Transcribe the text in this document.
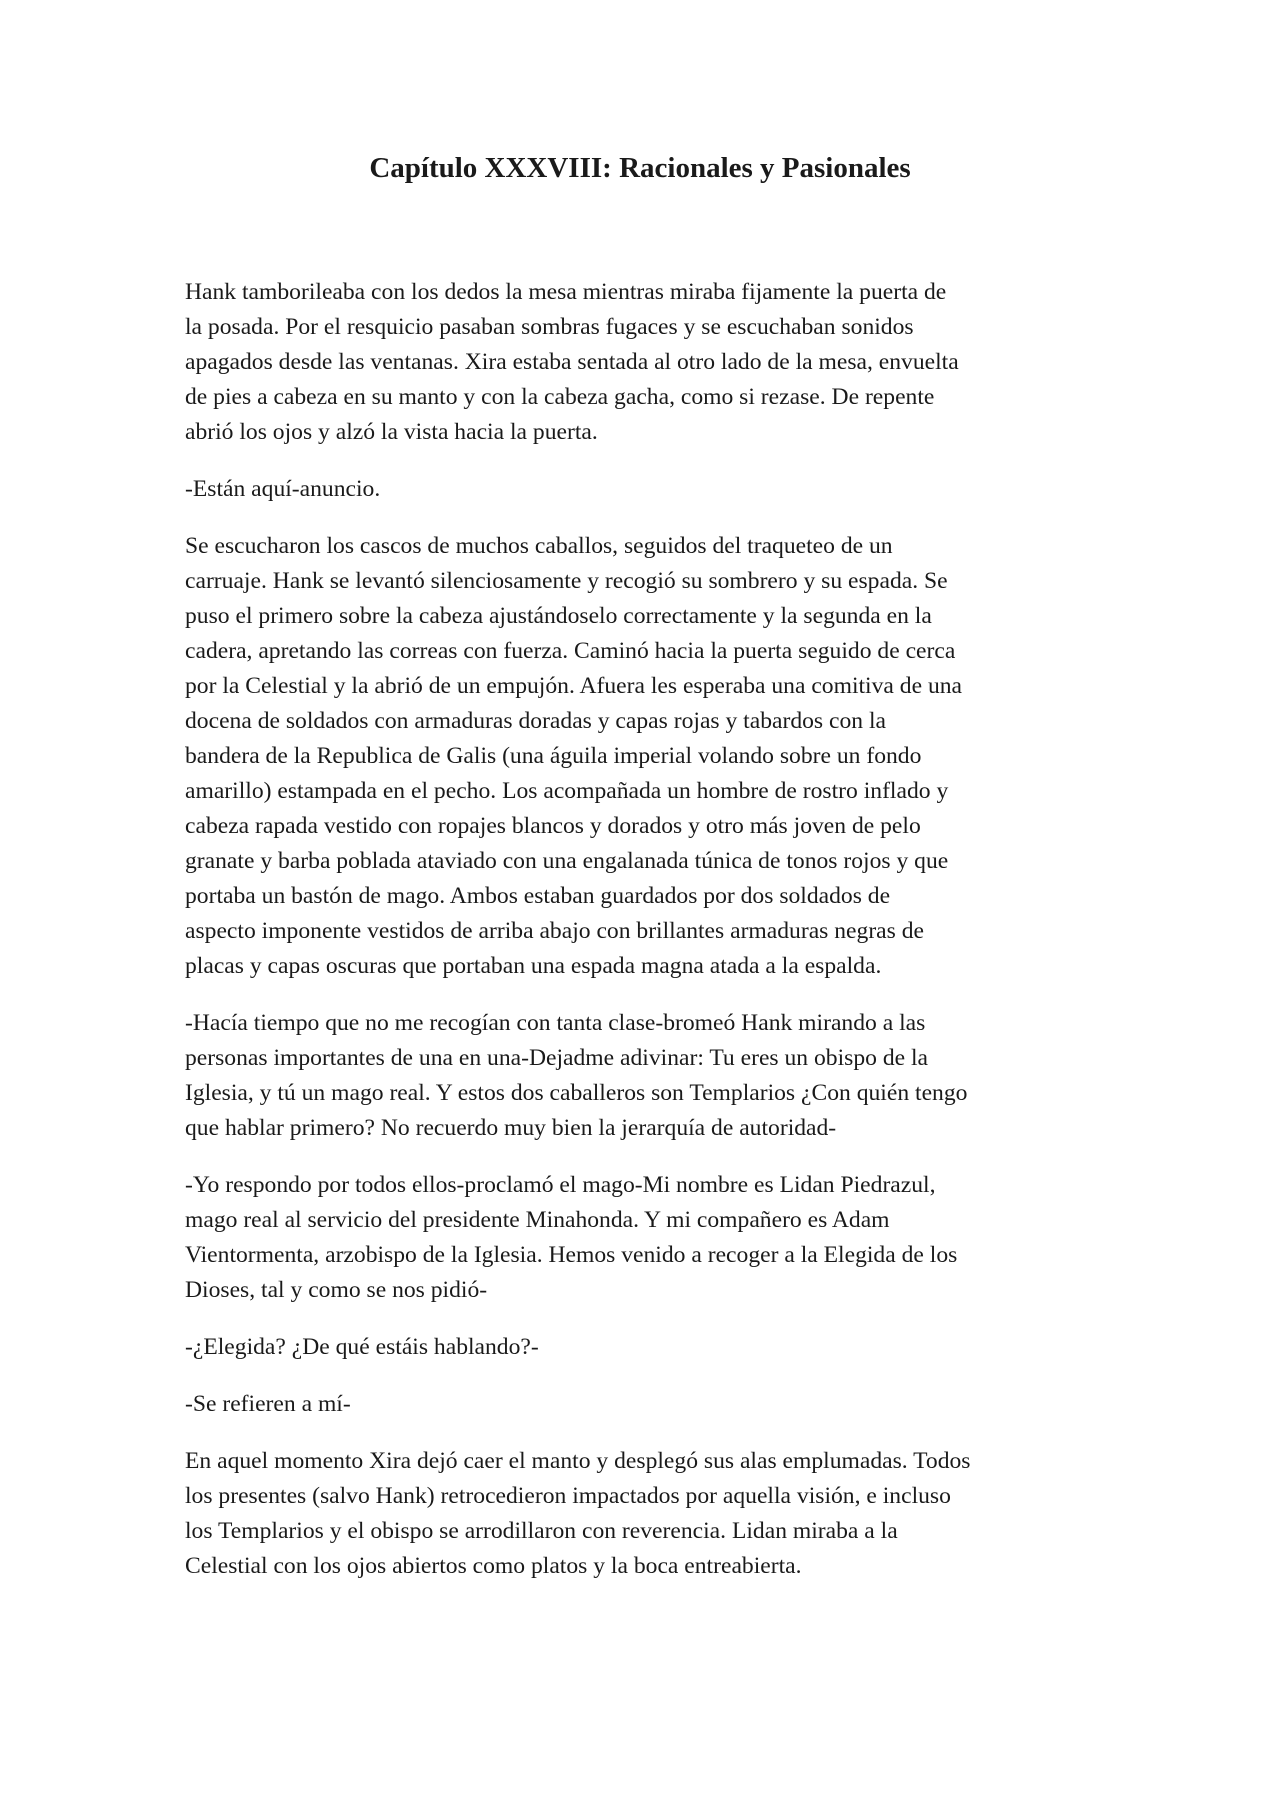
Capítulo XXXVIII: Racionales y Pasionales

Hank tamborileaba con los dedos la mesa mientras miraba fijamente la puerta de
la posada. Por el resquicio pasaban sombras fugaces y se escuchaban sonidos
apagados desde las ventanas. Xira estaba sentada al otro lado de la mesa, envuelta
de pies a cabeza en su manto y con la cabeza gacha, como si rezase. De repente
abrió los ojos y alzó la vista hacia la puerta.

-Están aquí-anuncio.

Se escucharon los cascos de muchos caballos, seguidos del traqueteo de un
carruaje. Hank se levantó silenciosamente y recogió su sombrero y su espada. Se
puso el primero sobre la cabeza ajustándoselo correctamente y la segunda en la
cadera, apretando las correas con fuerza. Caminó hacia la puerta seguido de cerca
por la Celestial y la abrió de un empujón. Afuera les esperaba una comitiva de una
docena de soldados con armaduras doradas y capas rojas y tabardos con la
bandera de la Republica de Galis (una águila imperial volando sobre un fondo
amarillo) estampada en el pecho. Los acompañada un hombre de rostro inflado y
cabeza rapada vestido con ropajes blancos y dorados y otro más joven de pelo
granate y barba poblada ataviado con una engalanada túnica de tonos rojos y que
portaba un bastón de mago. Ambos estaban guardados por dos soldados de
aspecto imponente vestidos de arriba abajo con brillantes armaduras negras de
placas y capas oscuras que portaban una espada magna atada a la espalda.

-Hacía tiempo que no me recogían con tanta clase-bromeó Hank mirando a las
personas importantes de una en una-Dejadme adivinar: Tu eres un obispo de la
Iglesia, y tú un mago real. Y estos dos caballeros son Templarios ¿Con quién tengo
que hablar primero? No recuerdo muy bien la jerarquía de autoridad-

-Yo respondo por todos ellos-proclamó el mago-Mi nombre es Lidan Piedrazul,
mago real al servicio del presidente Minahonda. Y mi compañero es Adam
Vientormenta, arzobispo de la Iglesia. Hemos venido a recoger a la Elegida de los
Dioses, tal y como se nos pidió-

-¿Elegida? ¿De qué estáis hablando?-

-Se refieren a mí-

En aquel momento Xira dejó caer el manto y desplegó sus alas emplumadas. Todos
los presentes (salvo Hank) retrocedieron impactados por aquella visión, e incluso
los Templarios y el obispo se arrodillaron con reverencia. Lidan miraba a la
Celestial con los ojos abiertos como platos y la boca entreabierta.
